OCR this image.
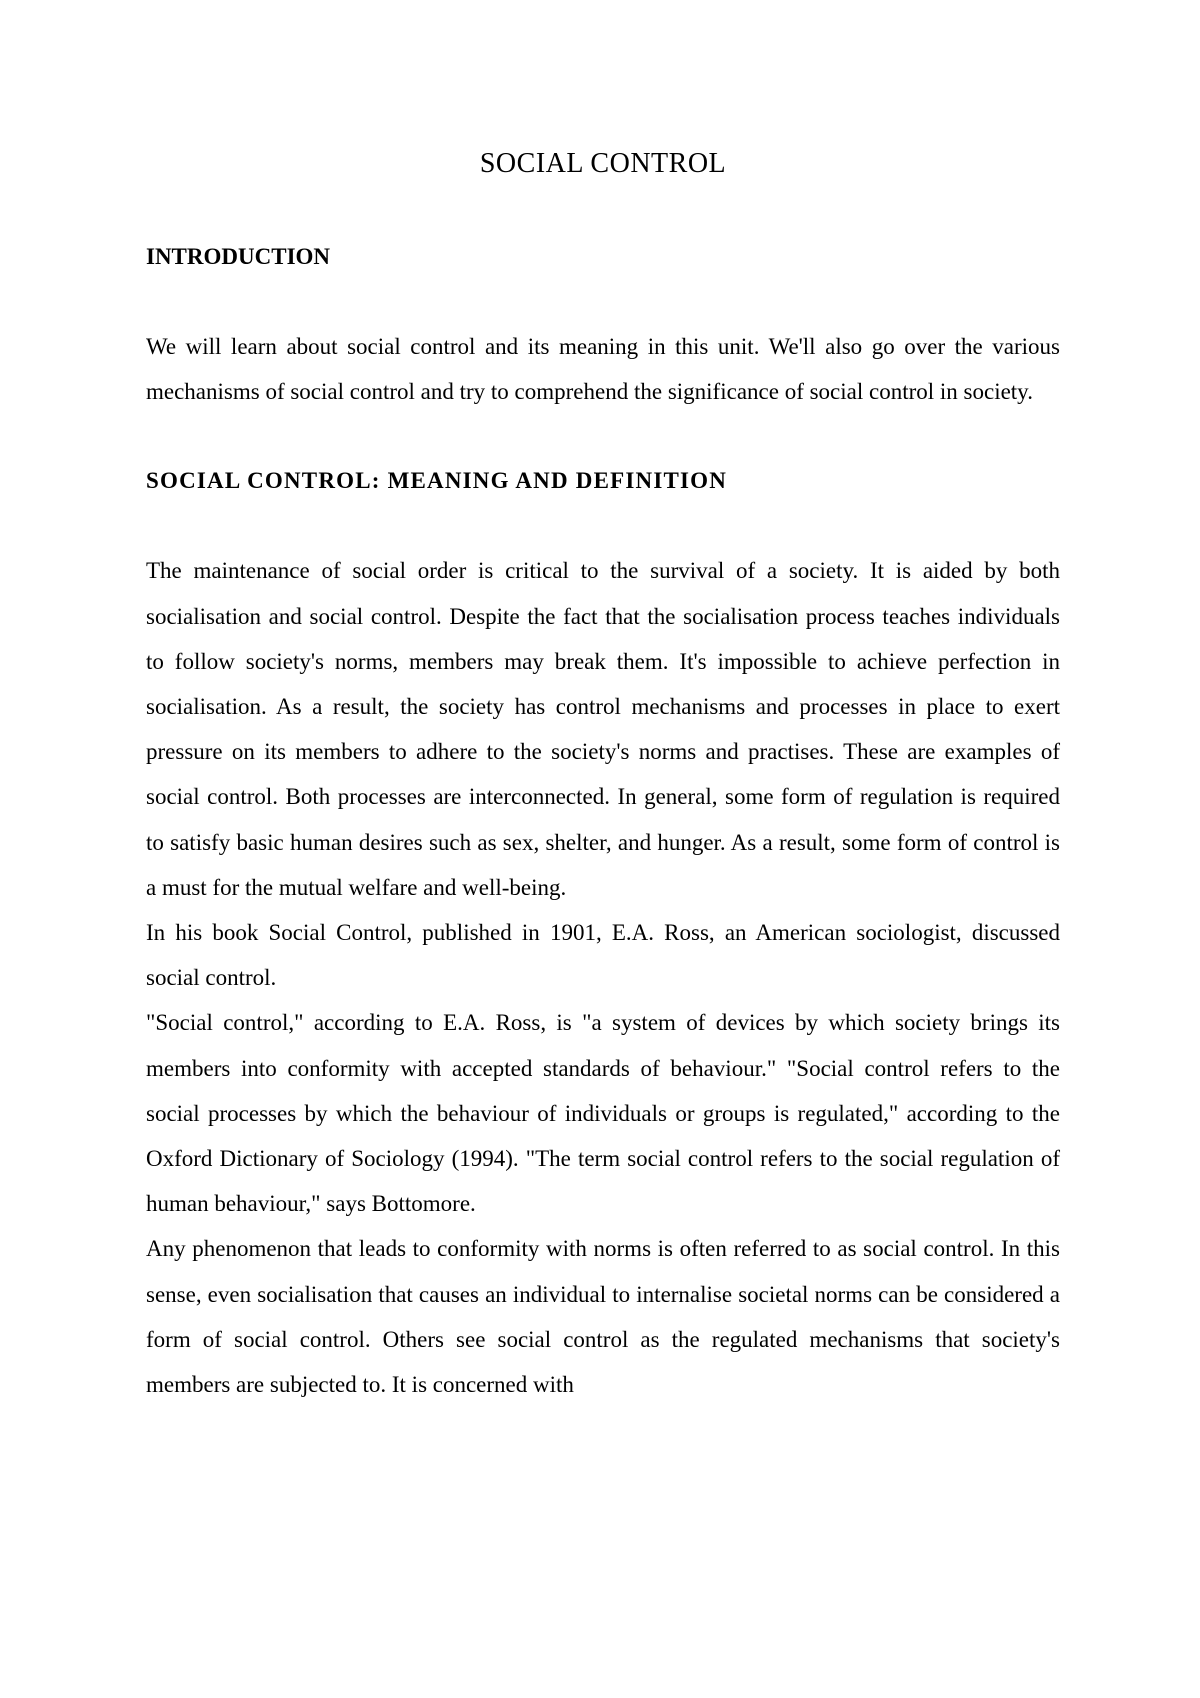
SOCIAL CONTROL
INTRODUCTION

We will learn about social control and its meaning in this unit. We'll also go over the various mechanisms of social control and try to comprehend the significance of social control in society.

SOCIAL CONTROL: MEANING AND DEFINITION

The maintenance of social order is critical to the survival of a society. It is aided by both socialisation and social control. Despite the fact that the socialisation process teaches individuals to follow society's norms, members may break them. It's impossible to achieve perfection in socialisation. As a result, the society has control mechanisms and processes in place to exert pressure on its members to adhere to the society's norms and practises. These are examples of social control. Both processes are interconnected. In general, some form of regulation is required to satisfy basic human desires such as sex, shelter, and hunger. As a result, some form of control is a must for the mutual welfare and well-being.

In his book Social Control, published in 1901, E.A. Ross, an American sociologist, discussed social control.

"Social control," according to E.A. Ross, is "a system of devices by which society brings its members into conformity with accepted standards of behaviour." "Social control refers to the social processes by which the behaviour of individuals or groups is regulated," according to the Oxford Dictionary of Sociology (1994). "The term social control refers to the social regulation of human behaviour," says Bottomore.

Any phenomenon that leads to conformity with norms is often referred to as social control. In this sense, even socialisation that causes an individual to internalise societal norms can be considered a form of social control. Others see social control as the regulated mechanisms that society's members are subjected to. It is concerned with
